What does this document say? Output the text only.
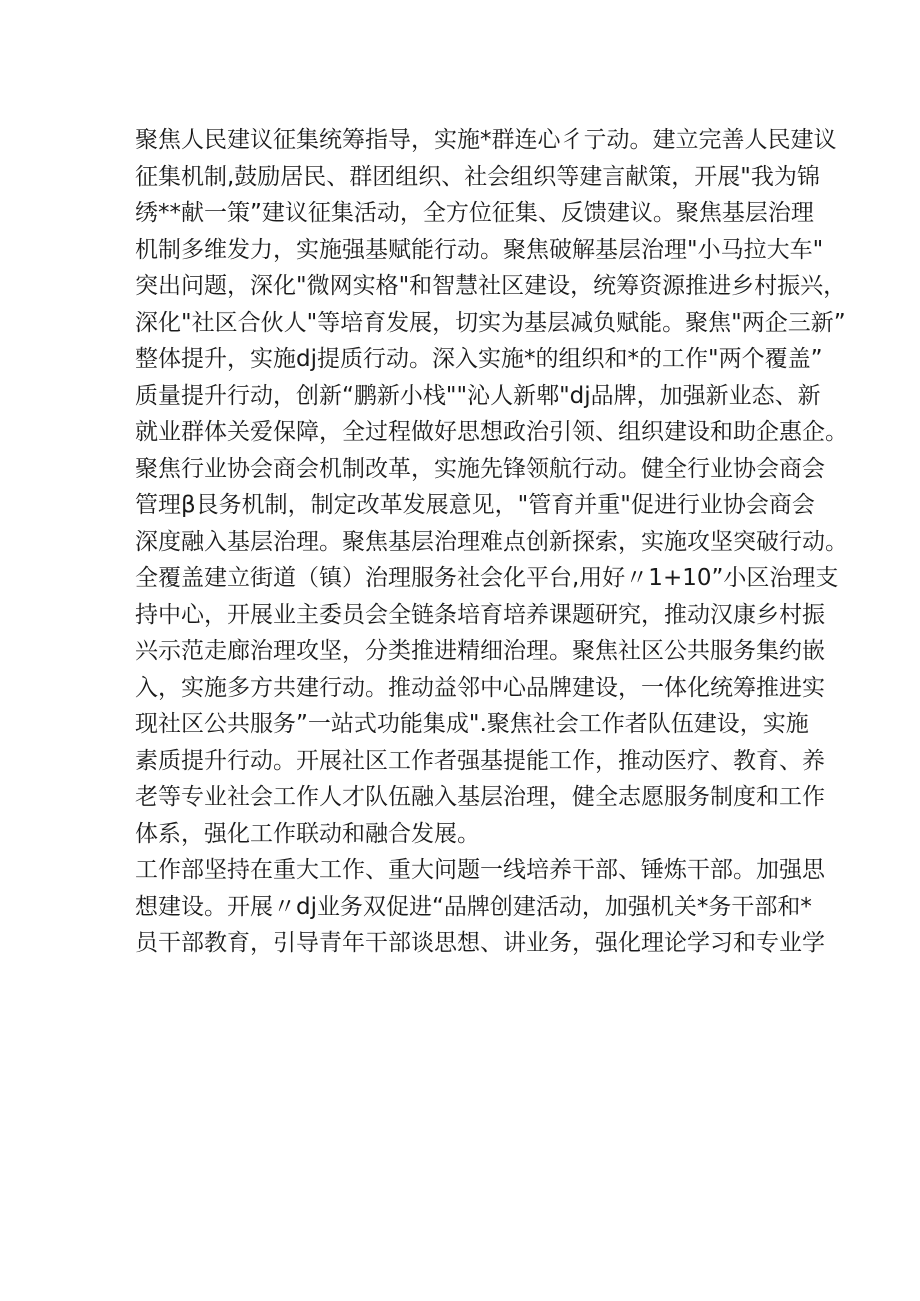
聚焦人民建议征集统筹指导，实施*群连心彳亍动。建立完善人民建议
征集机制,鼓励居民、群团组织、社会组织等建言献策，开展"我为锦
绣**献一策”建议征集活动，全方位征集、反馈建议。聚焦基层治理
机制多维发力，实施强基赋能行动。聚焦破解基层治理"小马拉大车"
突出问题，深化"微网实格"和智慧社区建设，统筹资源推进乡村振兴，
深化"社区合伙人"等培育发展，切实为基层减负赋能。聚焦"两企三新”
整体提升，实施dj提质行动。深入实施*的组织和*的工作"两个覆盖”
质量提升行动，创新“鹏新小栈""沁人新郫"dj品牌，加强新业态、新
就业群体关爱保障，全过程做好思想政治引领、组织建设和助企惠企。
聚焦行业协会商会机制改革，实施先锋领航行动。健全行业协会商会
管理β艮务机制，制定改革发展意见，"管育并重"促进行业协会商会
深度融入基层治理。聚焦基层治理难点创新探索，实施攻坚突破行动。
全覆盖建立街道（镇）治理服务社会化平台,用好〃1+10”小区治理支
持中心，开展业主委员会全链条培育培养课题研究，推动汉康乡村振
兴示范走廊治理攻坚，分类推进精细治理。聚焦社区公共服务集约嵌
入，实施多方共建行动。推动益邻中心品牌建设，一体化统筹推进实
现社区公共服务”一站式功能集成".聚焦社会工作者队伍建设，实施
素质提升行动。开展社区工作者强基提能工作，推动医疗、教育、养
老等专业社会工作人才队伍融入基层治理，健全志愿服务制度和工作
体系，强化工作联动和融合发展。
工作部坚持在重大工作、重大问题一线培养干部、锤炼干部。加强思
想建设。开展〃dj业务双促进“品牌创建活动，加强机关*务干部和*
员干部教育，引导青年干部谈思想、讲业务，强化理论学习和专业学
